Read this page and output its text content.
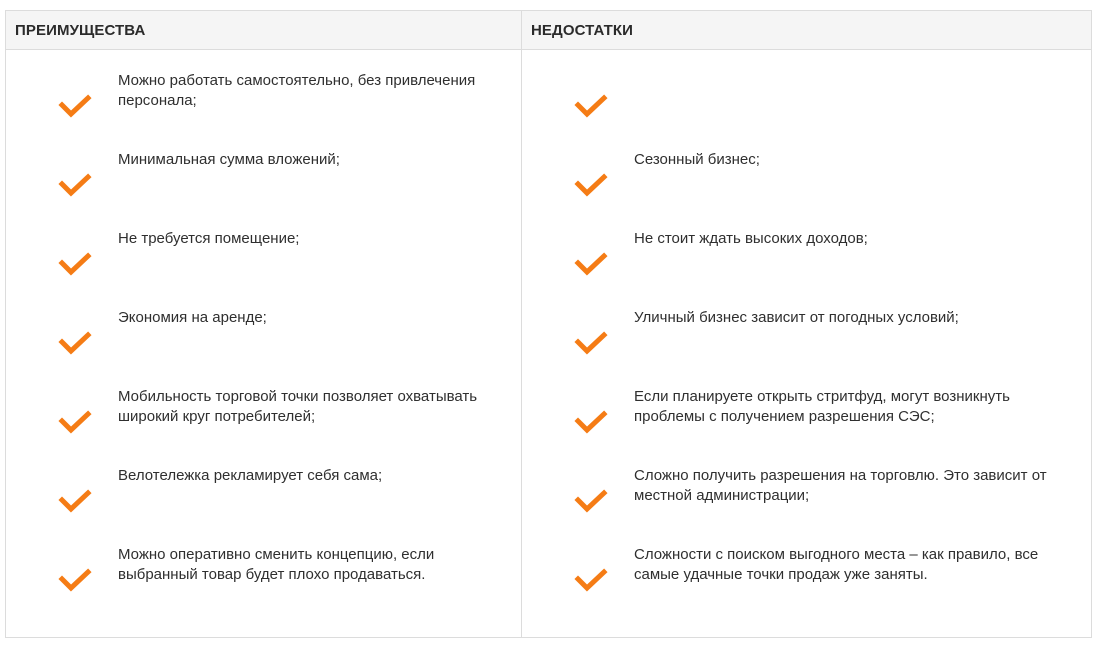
ПРЕИМУЩЕСТВА
Можно работать самостоятельно, без привлечения персонала;
Минимальная сумма вложений;
Не требуется помещение;
Экономия на аренде;
Мобильность торговой точки позволяет охватывать широкий круг потребителей;
Велотележка рекламирует себя сама;
Можно оперативно сменить концепцию, если выбранный товар будет плохо продаваться.
НЕДОСТАТКИ
Сезонный бизнес;
Не стоит ждать высоких доходов;
Уличный бизнес зависит от погодных условий;
Если планируете открыть стритфуд, могут возникнуть проблемы с получением разрешения СЭС;
Сложно получить разрешения на торговлю. Это зависит от местной администрации;
Сложности с поиском выгодного места – как правило, все самые удачные точки продаж уже заняты.
